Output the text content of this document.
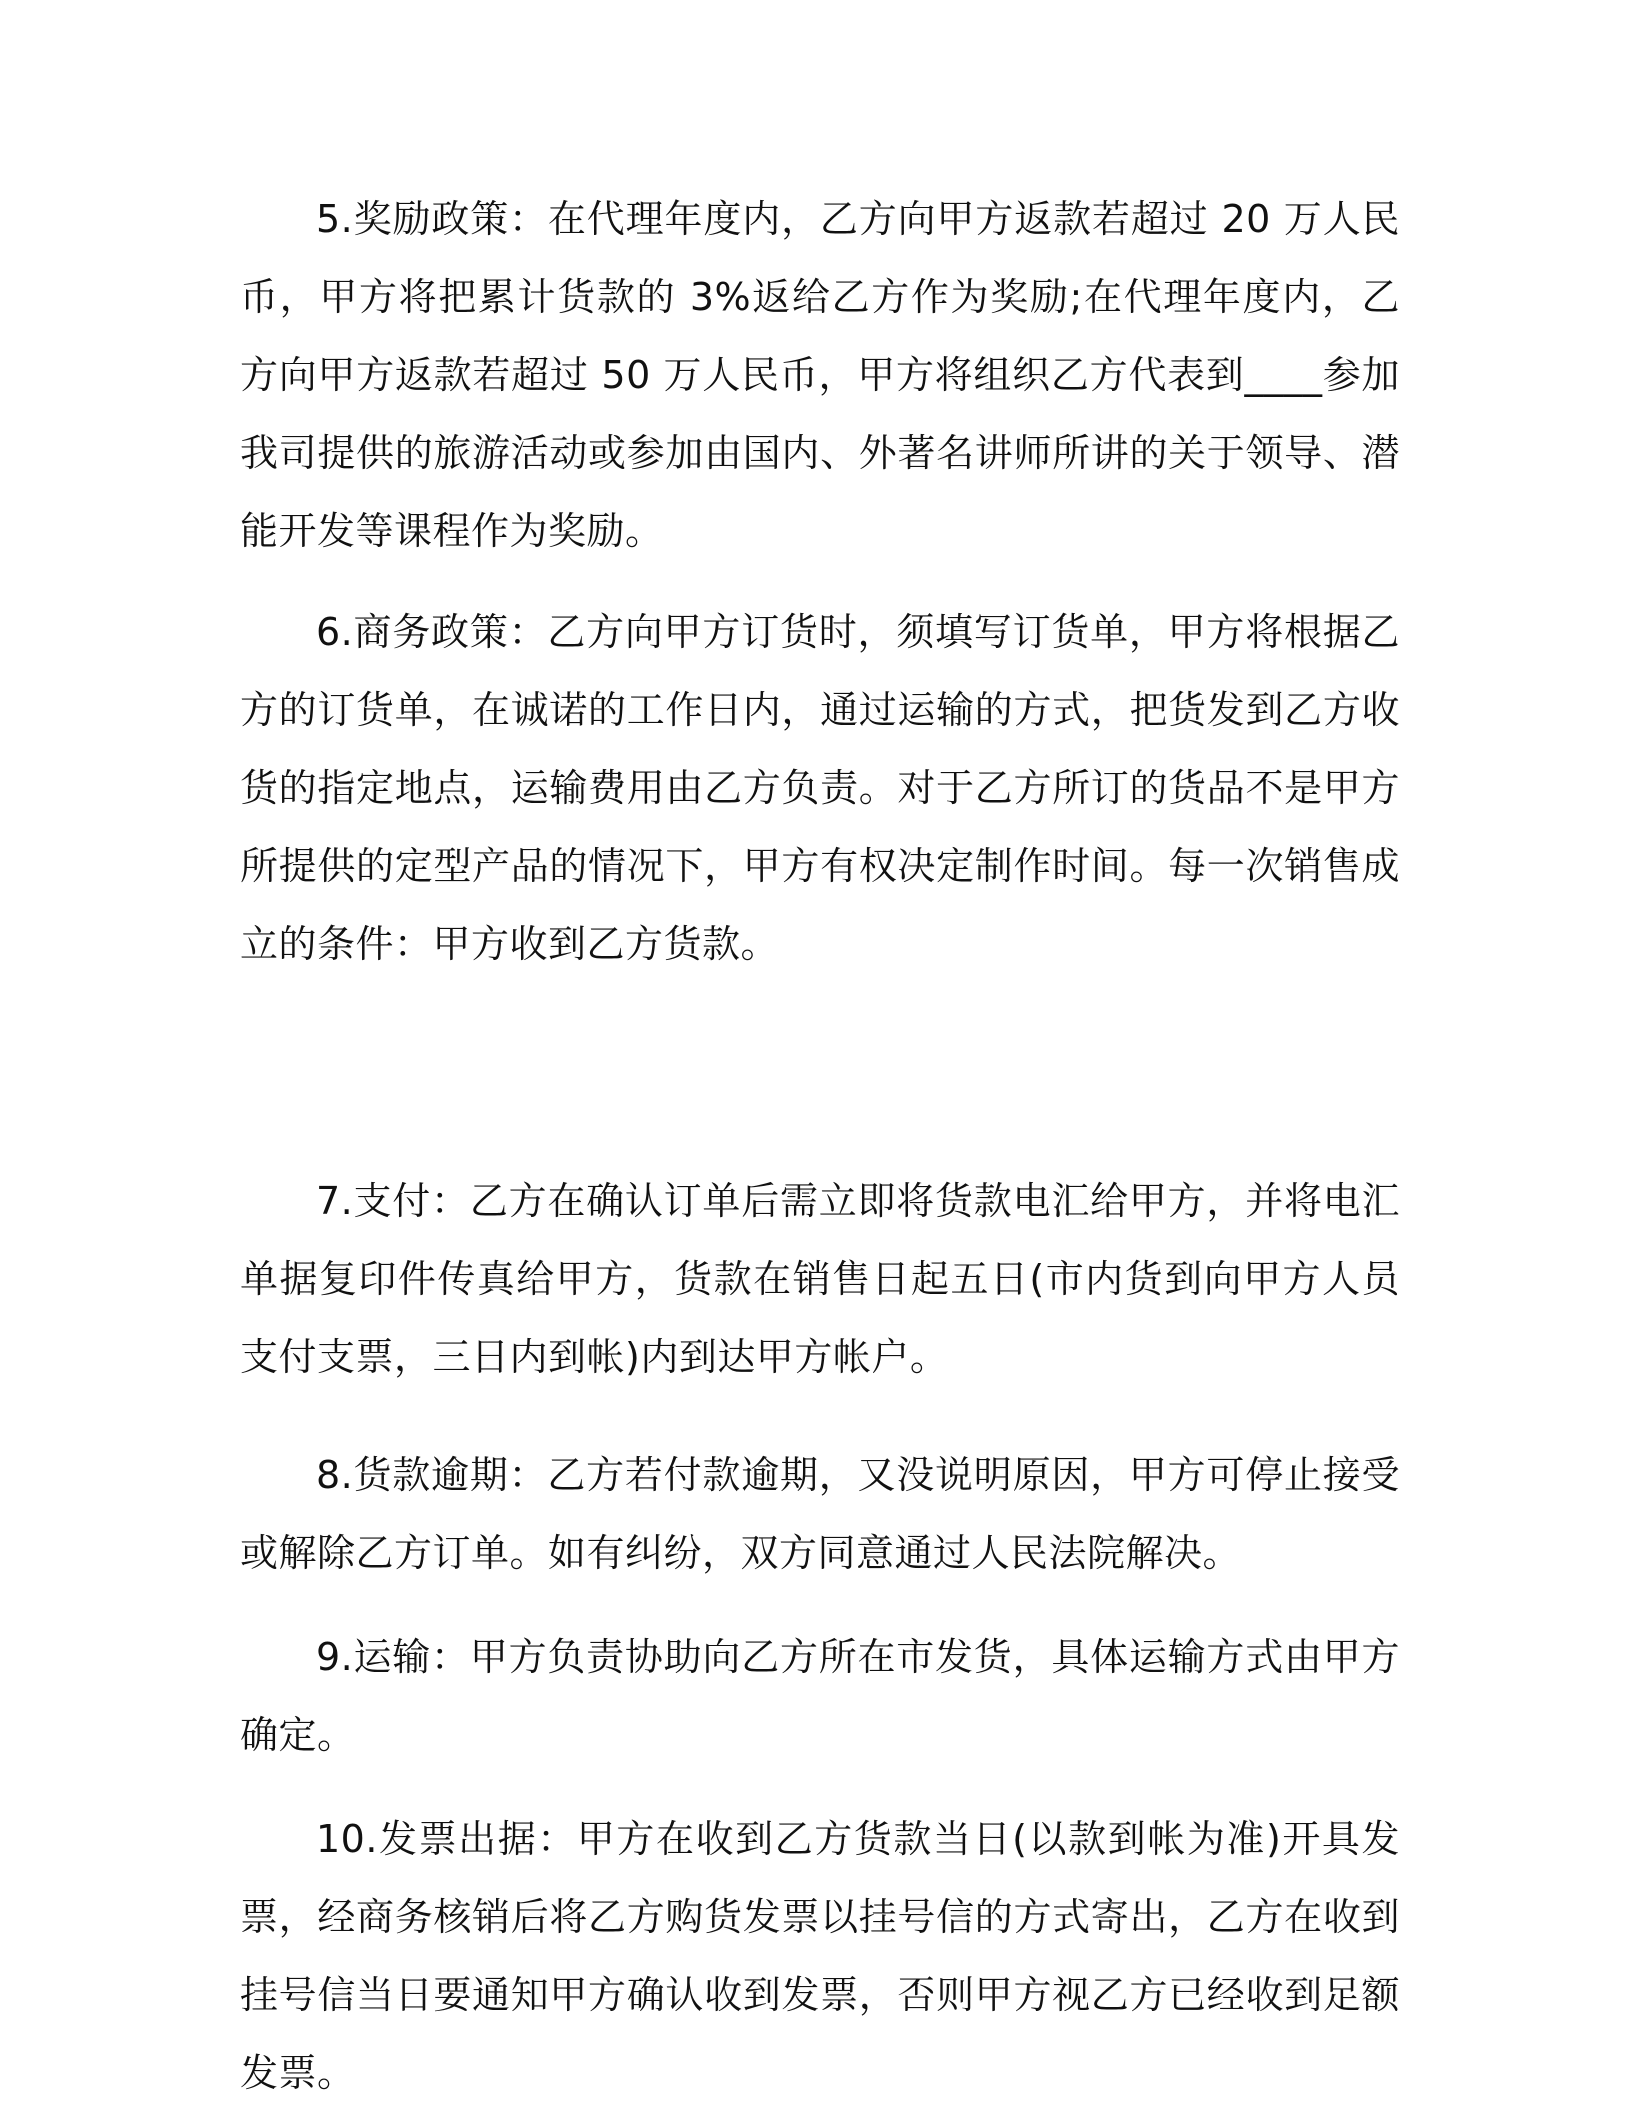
5.奖励政策：在代理年度内，乙方向甲方返款若超过 20 万人民币，甲方将把累计货款的 3%返给乙方作为奖励;在代理年度内，乙方向甲方返款若超过 50 万人民币，甲方将组织乙方代表到____参加我司提供的旅游活动或参加由国内、外著名讲师所讲的关于领导、潜能开发等课程作为奖励。

6.商务政策：乙方向甲方订货时，须填写订货单，甲方将根据乙方的订货单，在诚诺的工作日内，通过运输的方式，把货发到乙方收货的指定地点，运输费用由乙方负责。对于乙方所订的货品不是甲方所提供的定型产品的情况下，甲方有权决定制作时间。每一次销售成立的条件：甲方收到乙方货款。

7.支付：乙方在确认订单后需立即将货款电汇给甲方，并将电汇单据复印件传真给甲方，货款在销售日起五日(市内货到向甲方人员支付支票，三日内到帐)内到达甲方帐户。

8.货款逾期：乙方若付款逾期，又没说明原因，甲方可停止接受或解除乙方订单。如有纠纷，双方同意通过人民法院解决。

9.运输：甲方负责协助向乙方所在市发货，具体运输方式由甲方确定。

10.发票出据：甲方在收到乙方货款当日(以款到帐为准)开具发票，经商务核销后将乙方购货发票以挂号信的方式寄出，乙方在收到挂号信当日要通知甲方确认收到发票，否则甲方视乙方已经收到足额发票。
